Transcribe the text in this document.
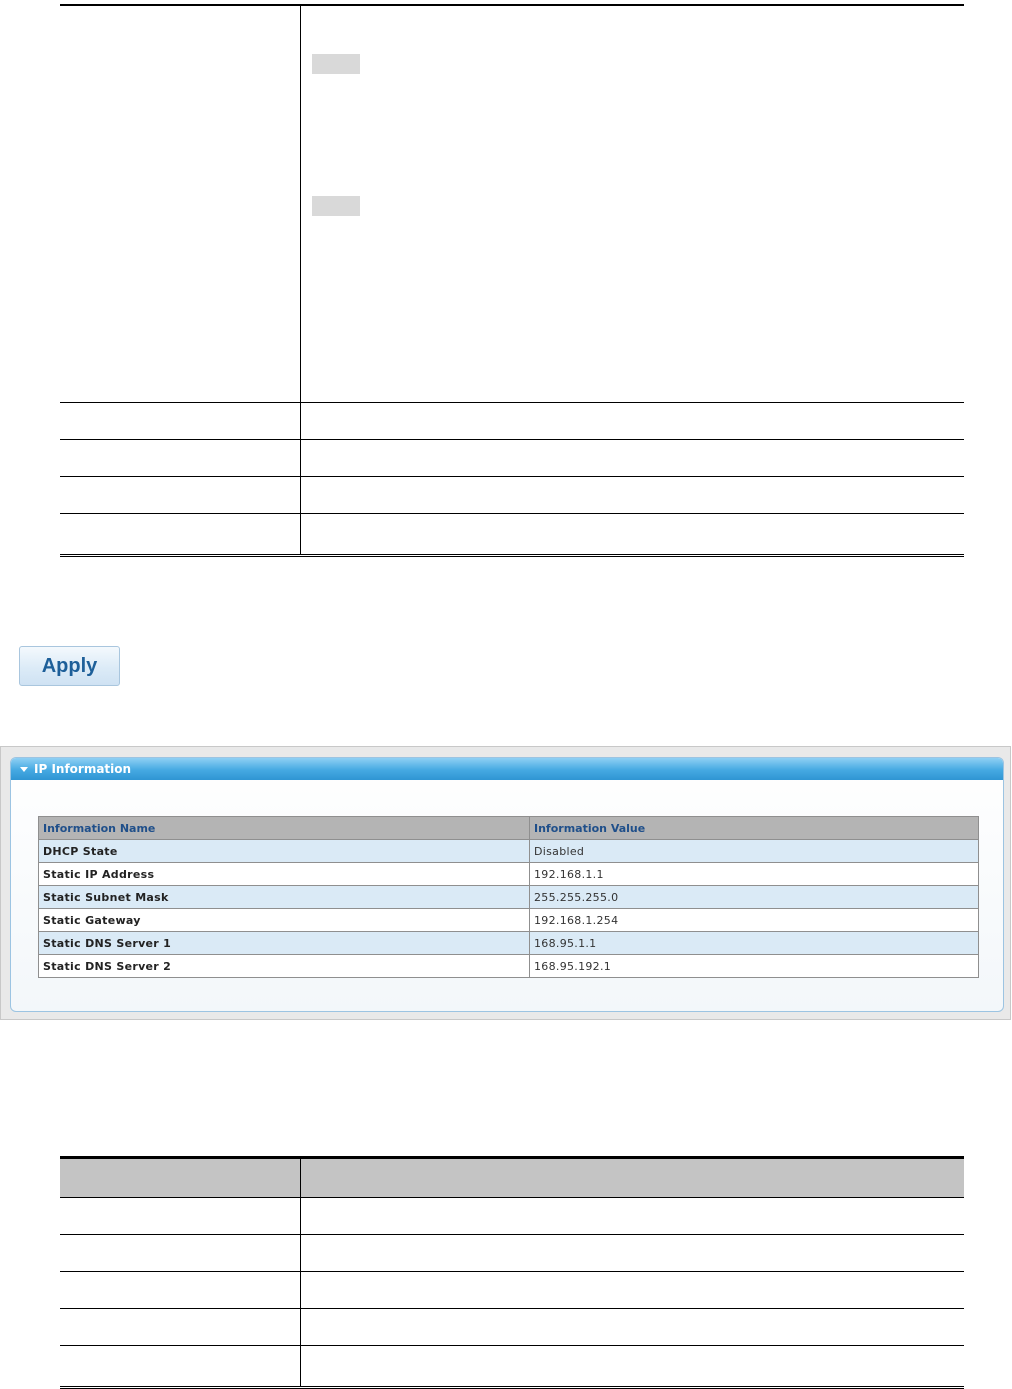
Apply
IP Information
Information Name	Information Value
DHCP State	Disabled
Static IP Address	192.168.1.1
Static Subnet Mask	255.255.255.0
Static Gateway	192.168.1.254
Static DNS Server 1	168.95.1.1
Static DNS Server 2	168.95.192.1
